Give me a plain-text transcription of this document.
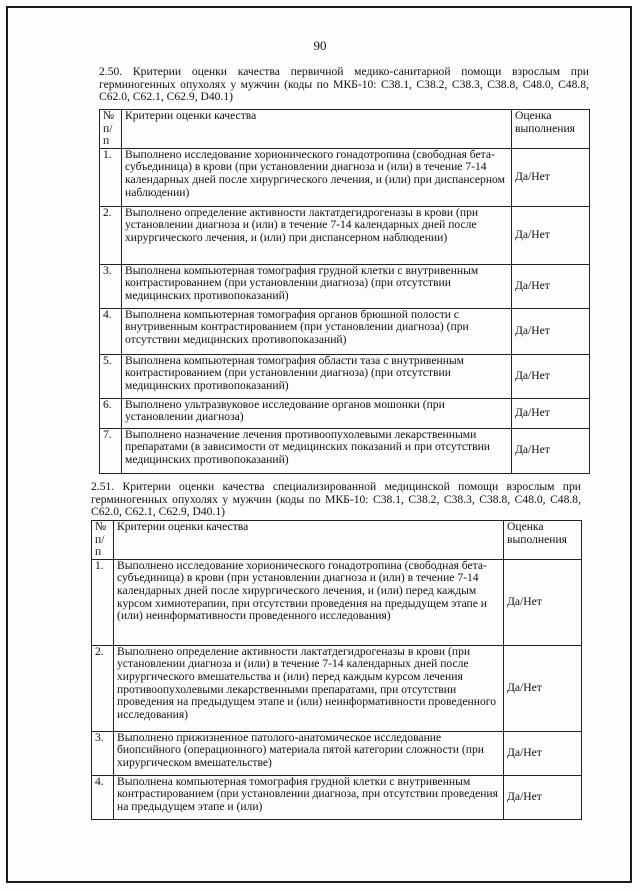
90
2.50. Критерии оценки качества первичной медико-санитарной помощи взрослым при герминогенных опухолях у мужчин (коды по МКБ-10: C38.1, C38.2, C38.3, C38.8, C48.0, C48.8, C62.0, C62.1, C62.9, D40.1)
№ п/п	Критерии оценки качества	Оценка выполнения
1.	Выполнено исследование хорионического гонадотропина (свободная бета-субъединица) в крови (при установлении диагноза и (или) в течение 7-14 календарных дней после хирургического лечения, и (или) при диспансерном наблюдении)	Да/Нет
2.	Выполнено определение активности лактатдегидрогеназы в крови (при установлении диагноза и (или) в течение 7-14 календарных дней после хирургического лечения, и (или) при диспансерном наблюдении)	Да/Нет
3.	Выполнена компьютерная томография грудной клетки с внутривенным контрастированием (при установлении диагноза) (при отсутствии медицинских противопоказаний)	Да/Нет
4.	Выполнена компьютерная томография органов брюшной полости с внутривенным контрастированием (при установлении диагноза) (при отсутствии медицинских противопоказаний)	Да/Нет
5.	Выполнена компьютерная томография области таза с внутривенным контрастированием (при установлении диагноза) (при отсутствии медицинских противопоказаний)	Да/Нет
6.	Выполнено ультразвуковое исследование органов мошонки (при установлении диагноза)	Да/Нет
7.	Выполнено назначение лечения противоопухолевыми лекарственными препаратами (в зависимости от медицинских показаний и при отсутствии медицинских противопоказаний)	Да/Нет
2.51. Критерии оценки качества специализированной медицинской помощи взрослым при герминогенных опухолях у мужчин (коды по МКБ-10: C38.1, C38.2, C38.3, C38.8, C48.0, C48.8, C62.0, C62.1, C62.9, D40.1)
№ п/п	Критерии оценки качества	Оценка выполнения
1.	Выполнено исследование хорионического гонадотропина (свободная бета-субъединица) в крови (при установлении диагноза и (или) в течение 7-14 календарных дней после хирургического лечения, и (или) перед каждым курсом химиотерапии, при отсутствии проведения на предыдущем этапе и (или) неинформативности проведенного исследования)	Да/Нет
2.	Выполнено определение активности лактатдегидрогеназы в крови (при установлении диагноза и (или) в течение 7-14 календарных дней после хирургического вмешательства и (или) перед каждым курсом лечения противоопухолевыми лекарственными препаратами, при отсутствии проведения на предыдущем этапе и (или) неинформативности проведенного исследования)	Да/Нет
3.	Выполнено прижизненное патолого-анатомическое исследование биопсийного (операционного) материала пятой категории сложности (при хирургическом вмешательстве)	Да/Нет
4.	Выполнена компьютерная томография грудной клетки с внутривенным контрастированием (при установлении диагноза, при отсутствии проведения на предыдущем этапе и (или)	Да/Нет
